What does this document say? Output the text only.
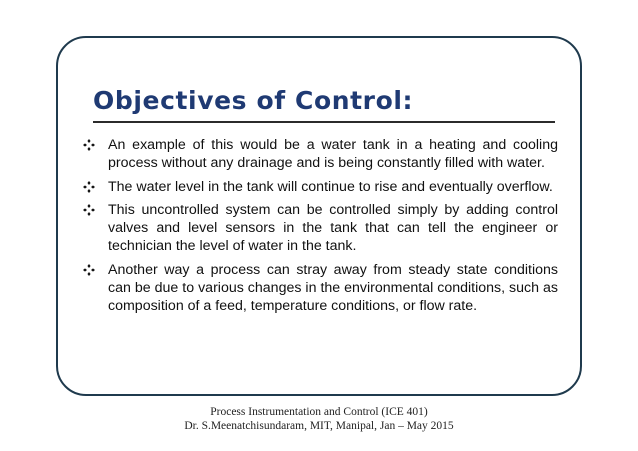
Objectives of Control:
An example of this would be a water tank in a heating and cooling process without any drainage and is being constantly filled with water.
The water level in the tank will continue to rise and eventually overflow.
This uncontrolled system can be controlled simply by adding control valves and level sensors in the tank that can tell the engineer or technician the level of water in the tank.
Another way a process can stray away from steady state conditions can be due to various changes in the environmental conditions, such as composition of a feed, temperature conditions, or flow rate.
Process Instrumentation and Control (ICE 401)
Dr. S.Meenatchisundaram, MIT, Manipal, Jan – May 2015
